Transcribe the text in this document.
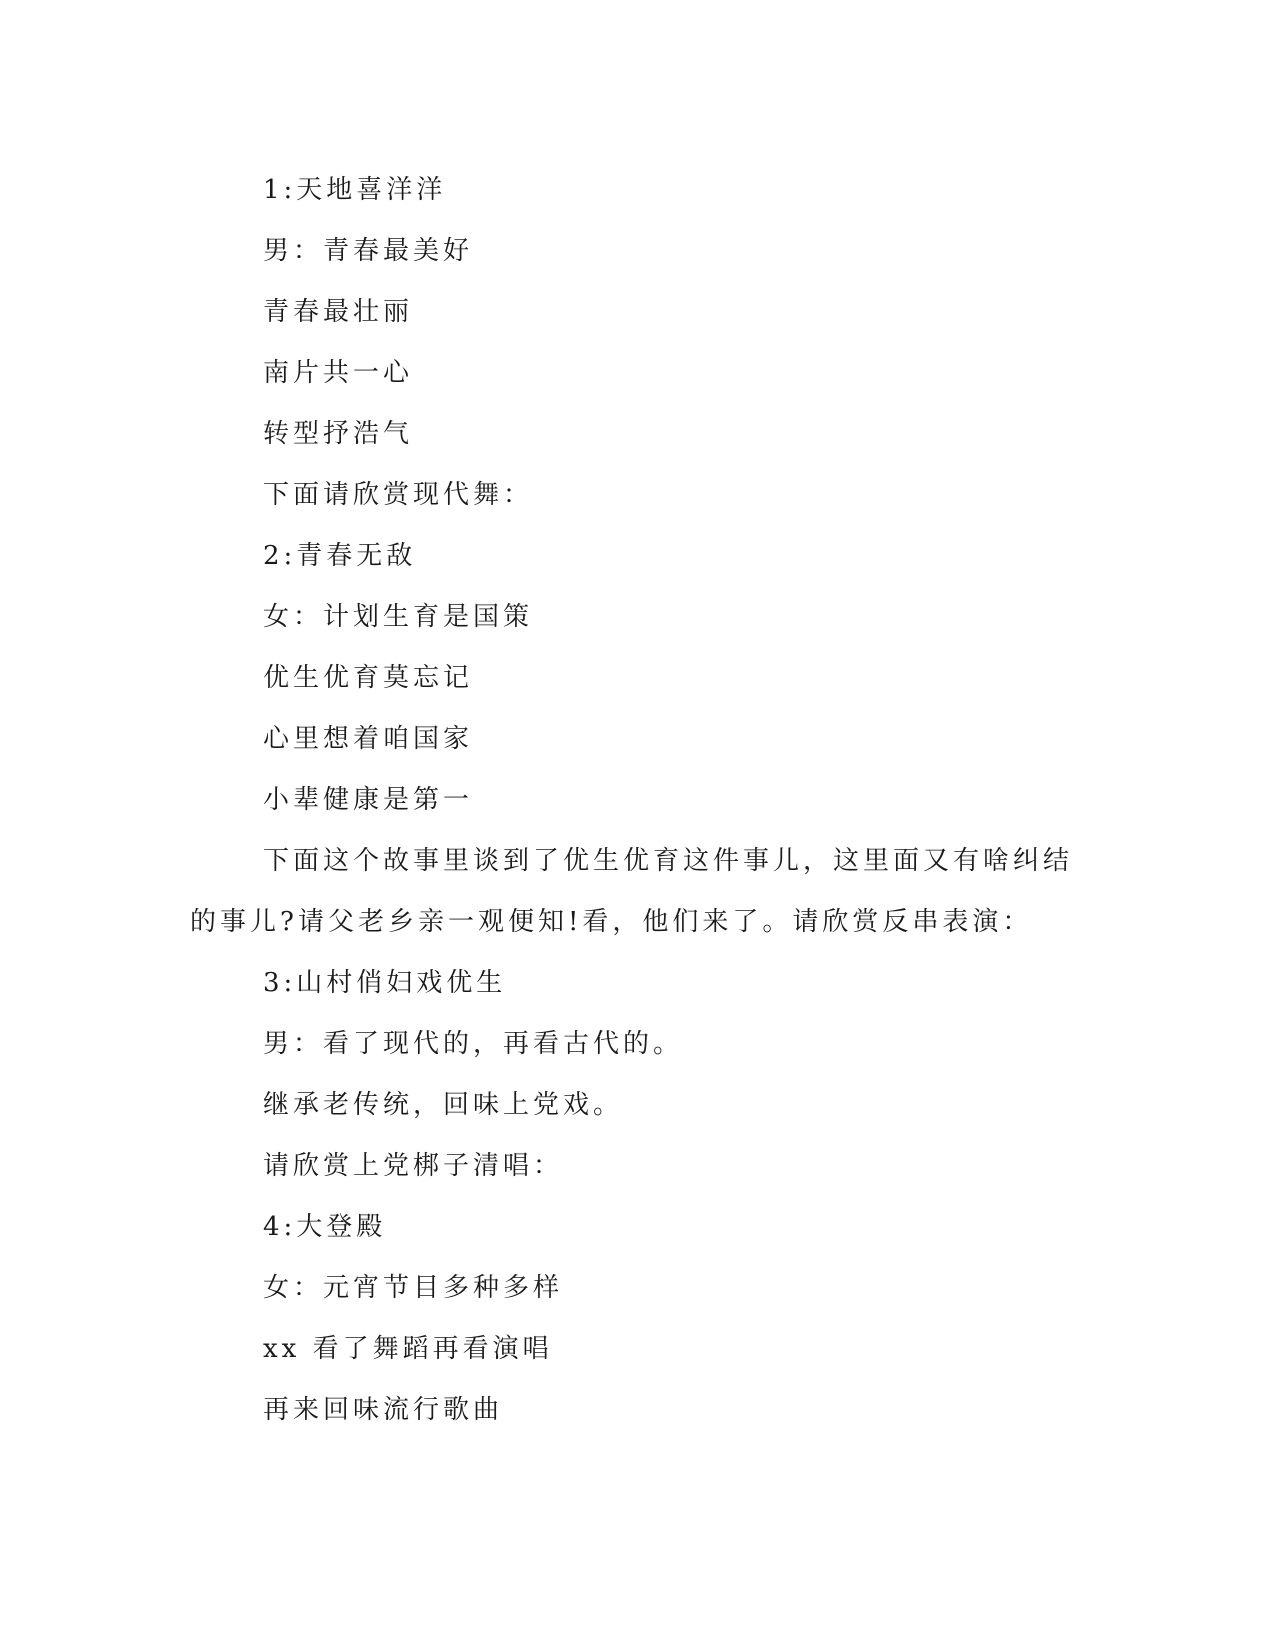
1:天地喜洋洋
男：青春最美好
青春最壮丽
南片共一心
转型抒浩气
下面请欣赏现代舞：
2:青春无敌
女：计划生育是国策
优生优育莫忘记
心里想着咱国家
小辈健康是第一
下面这个故事里谈到了优生优育这件事儿，这里面又有啥纠结的事儿?请父老乡亲一观便知!看，他们来了。请欣赏反串表演：
3:山村俏妇戏优生
男：看了现代的，再看古代的。
继承老传统，回味上党戏。
请欣赏上党梆子清唱：
4:大登殿
女：元宵节目多种多样
xx 看了舞蹈再看演唱
再来回味流行歌曲
